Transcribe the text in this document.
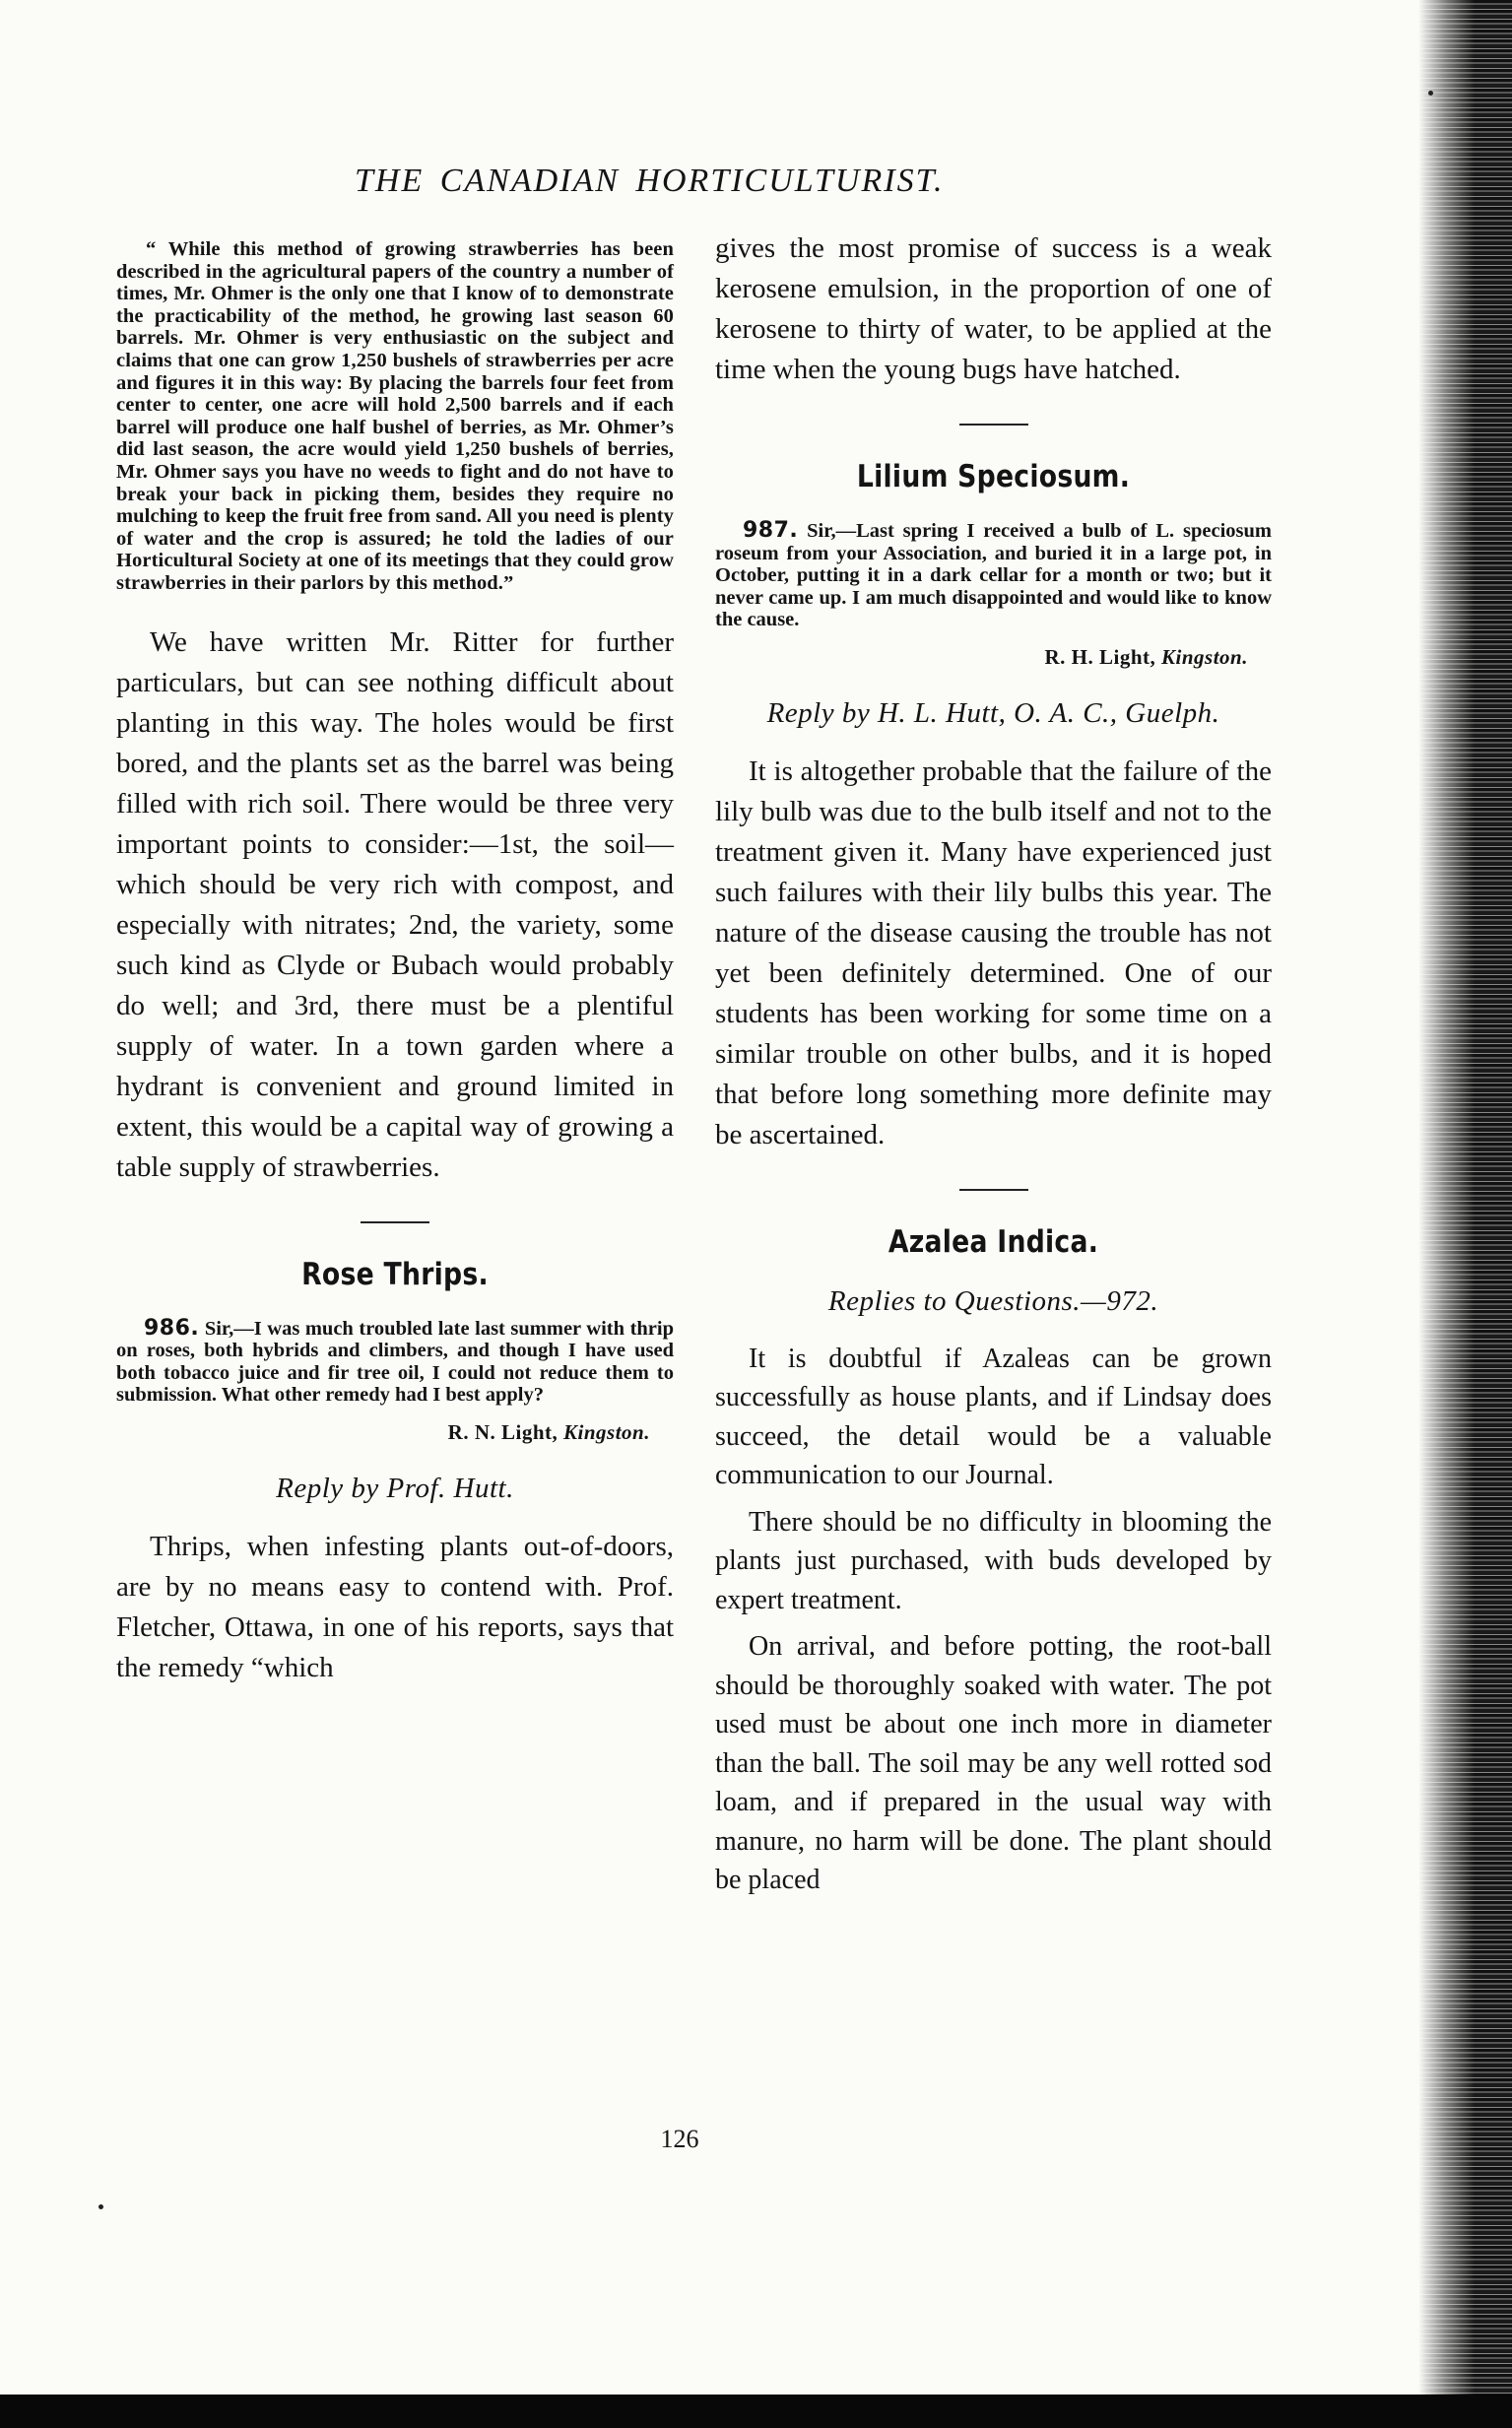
THE CANADIAN HORTICULTURIST.

“ While this method of growing strawberries has been described in the agricultural papers of the country a number of times, Mr. Ohmer is the only one that I know of to demonstrate the practicability of the method, he growing last season 60 barrels. Mr. Ohmer is very enthusiastic on the subject and claims that one can grow 1,250 bushels of strawberries per acre and figures it in this way: By placing the barrels four feet from center to center, one acre will hold 2,500 barrels and if each barrel will produce one half bushel of berries, as Mr. Ohmer’s did last season, the acre would yield 1,250 bushels of berries, Mr. Ohmer says you have no weeds to fight and do not have to break your back in picking them, besides they require no mulching to keep the fruit free from sand. All you need is plenty of water and the crop is assured; he told the ladies of our Horticultural Society at one of its meetings that they could grow strawberries in their parlors by this method.”

We have written Mr. Ritter for further particulars, but can see nothing difficult about planting in this way. The holes would be first bored, and the plants set as the barrel was being filled with rich soil. There would be three very important points to consider:—1st, the soil—which should be very rich with compost, and especially with nitrates; 2nd, the variety, some such kind as Clyde or Bubach would probably do well; and 3rd, there must be a plentiful supply of water. In a town garden where a hydrant is convenient and ground limited in extent, this would be a capital way of growing a table supply of strawberries.

Rose Thrips.

986. Sir,—I was much troubled late last summer with thrip on roses, both hybrids and climbers, and though I have used both tobacco juice and fir tree oil, I could not reduce them to submission. What other remedy had I best apply?

R. N. Light, Kingston.
Reply by Prof. Hutt.

Thrips, when infesting plants out-of-doors, are by no means easy to contend with. Prof. Fletcher, Ottawa, in one of his reports, says that the remedy “which

gives the most promise of success is a weak kerosene emulsion, in the proportion of one of kerosene to thirty of water, to be applied at the time when the young bugs have hatched.

Lilium Speciosum.

987. Sir,—Last spring I received a bulb of L. speciosum roseum from your Association, and buried it in a large pot, in October, putting it in a dark cellar for a month or two; but it never came up. I am much disappointed and would like to know the cause.

R. H. Light, Kingston.
Reply by H. L. Hutt, O. A. C., Guelph.

It is altogether probable that the failure of the lily bulb was due to the bulb itself and not to the treatment given it. Many have experienced just such failures with their lily bulbs this year. The nature of the disease causing the trouble has not yet been definitely determined. One of our students has been working for some time on a similar trouble on other bulbs, and it is hoped that before long something more definite may be ascertained.

Azalea Indica.
Replies to Questions.—972.

It is doubtful if Azaleas can be grown successfully as house plants, and if Lindsay does succeed, the detail would be a valuable communication to our Journal.

There should be no difficulty in blooming the plants just purchased, with buds developed by expert treatment.

On arrival, and before potting, the root-ball should be thoroughly soaked with water. The pot used must be about one inch more in diameter than the ball. The soil may be any well rotted sod loam, and if prepared in the usual way with manure, no harm will be done. The plant should be placed

126
